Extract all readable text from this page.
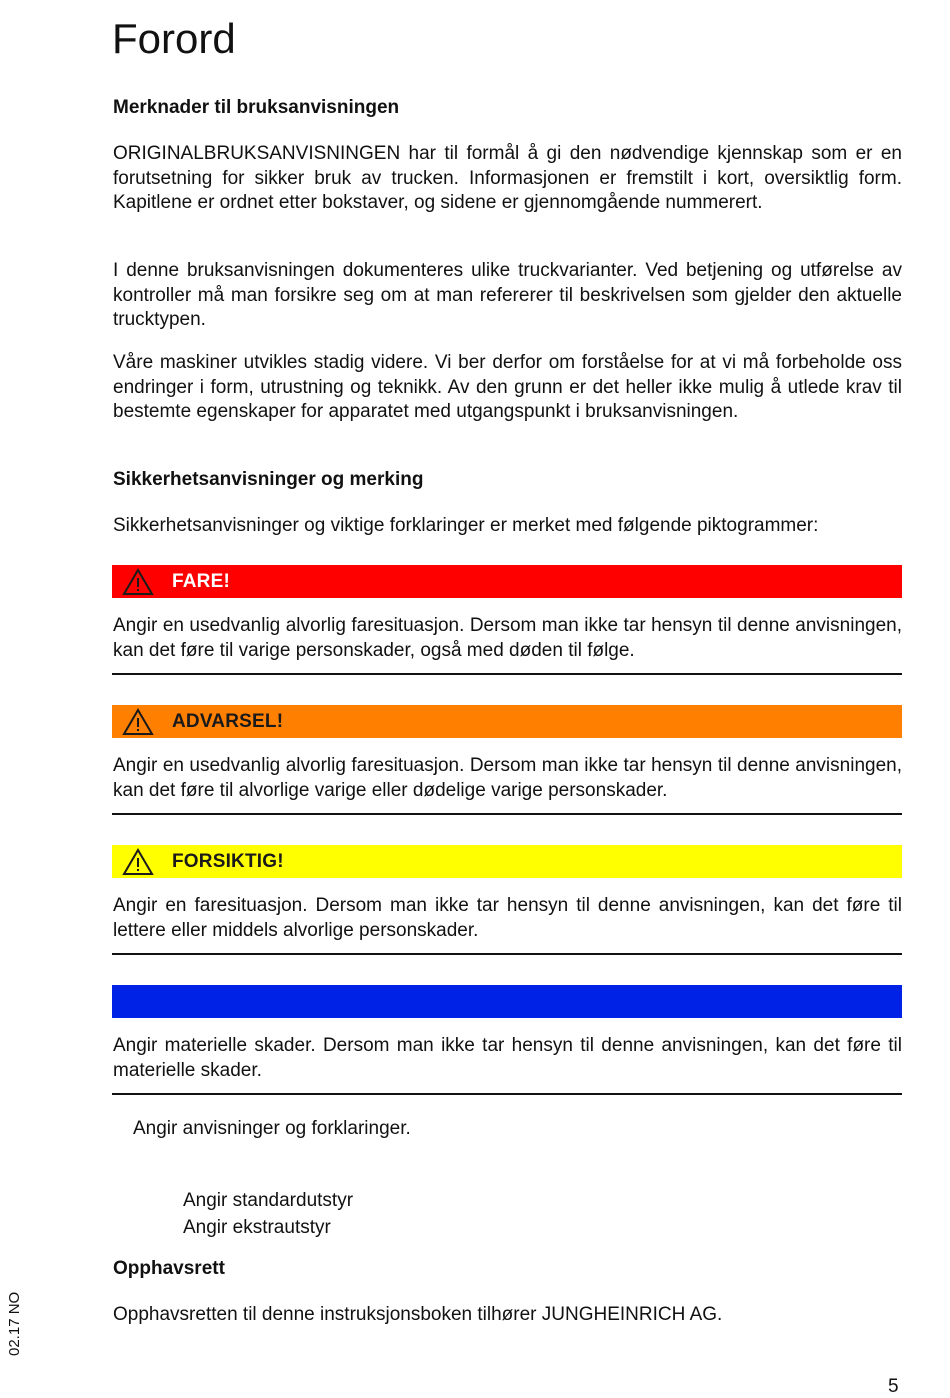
Forord
Merknader til bruksanvisningen

ORIGINALBRUKSANVISNINGEN har til formål å gi den nødvendige kjennskap som er en forutsetning for sikker bruk av trucken. Informasjonen er fremstilt i kort, oversiktlig form. Kapitlene er ordnet etter bokstaver, og sidene er gjennomgående nummerert.

I denne bruksanvisningen dokumenteres ulike truckvarianter. Ved betjening og utførelse av kontroller må man forsikre seg om at man refererer til beskrivelsen som gjelder den aktuelle trucktypen.

Våre maskiner utvikles stadig videre. Vi ber derfor om forståelse for at vi må forbeholde oss endringer i form, utrustning og teknikk. Av den grunn er det heller ikke mulig å utlede krav til bestemte egenskaper for apparatet med utgangspunkt i bruksanvisningen.

Sikkerhetsanvisninger og merking

Sikkerhetsanvisninger og viktige forklaringer er merket med følgende piktogrammer:

FARE!

Angir en usedvanlig alvorlig faresituasjon. Dersom man ikke tar hensyn til denne anvisningen, kan det føre til varige personskader, også med døden til følge.

ADVARSEL!

Angir en usedvanlig alvorlig faresituasjon. Dersom man ikke tar hensyn til denne anvisningen, kan det føre til alvorlige varige eller dødelige varige personskader.

FORSIKTIG!

Angir en faresituasjon. Dersom man ikke tar hensyn til denne anvisningen, kan det føre til lettere eller middels alvorlige personskader.

Angir materielle skader. Dersom man ikke tar hensyn til denne anvisningen, kan det føre til materielle skader.

Angir anvisninger og forklaringer.

Angir standardutstyr

Angir ekstrautstyr

Opphavsrett

Opphavsretten til denne instruksjonsboken tilhører JUNGHEINRICH AG.

02.17 NO
5
